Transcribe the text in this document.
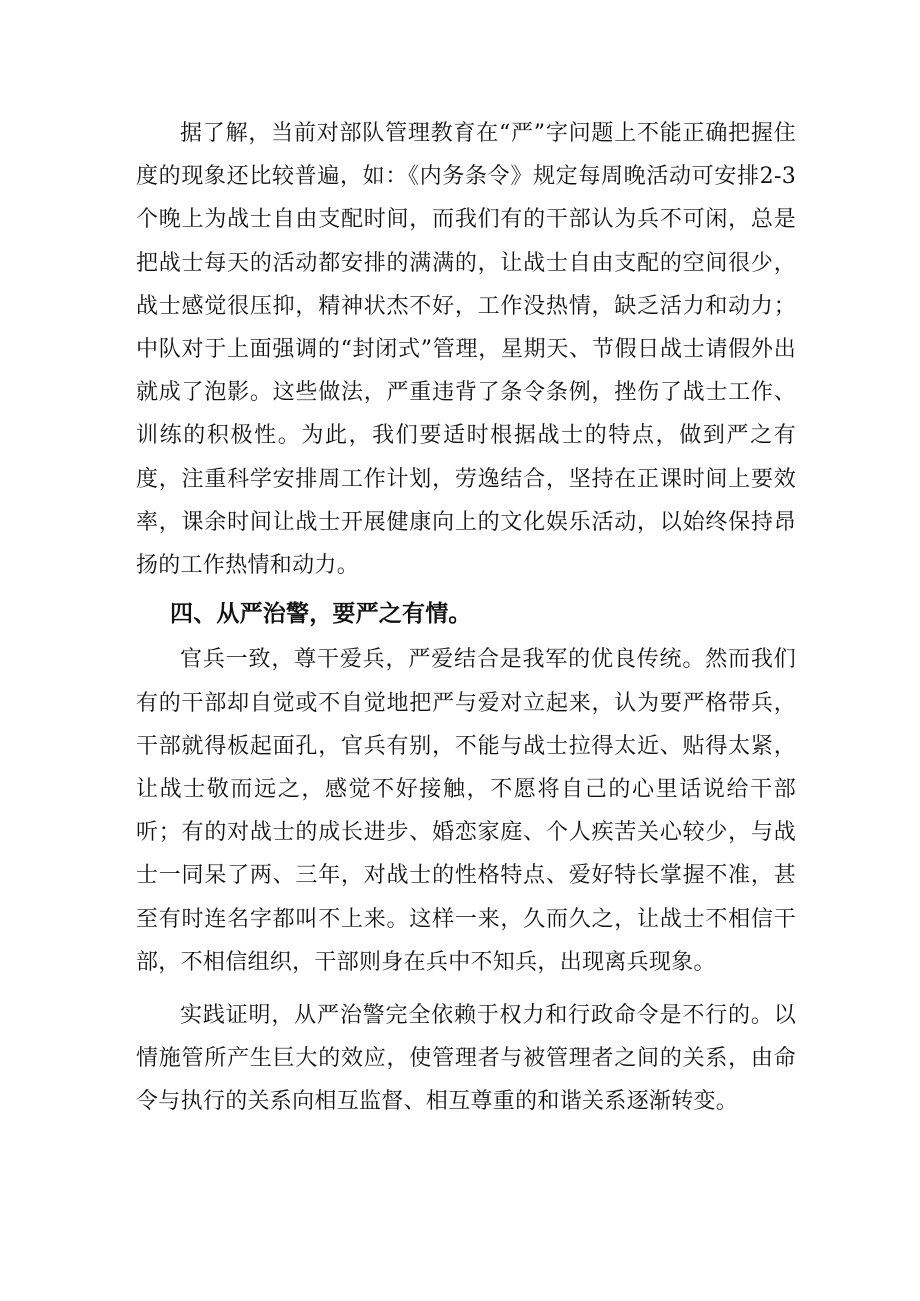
据了解，当前对部队管理教育在“严”字问题上不能正确把握住度的现象还比较普遍，如：《内务条令》规定每周晚活动可安排2-3个晚上为战士自由支配时间，而我们有的干部认为兵不可闲，总是把战士每天的活动都安排的满满的，让战士自由支配的空间很少，战士感觉很压抑，精神状杰不好，工作没热情，缺乏活力和动力；中队对于上面强调的“封闭式”管理，星期天、节假日战士请假外出就成了泡影。这些做法，严重违背了条令条例，挫伤了战士工作、训练的积极性。为此，我们要适时根据战士的特点，做到严之有度，注重科学安排周工作计划，劳逸结合，坚持在正课时间上要效率，课余时间让战士开展健康向上的文化娱乐活动，以始终保持昂扬的工作热情和动力。

四、从严治警，要严之有情。

官兵一致，尊干爱兵，严爱结合是我军的优良传统。然而我们有的干部却自觉或不自觉地把严与爱对立起来，认为要严格带兵，干部就得板起面孔，官兵有别，不能与战士拉得太近、贴得太紧，让战士敬而远之，感觉不好接触，不愿将自己的心里话说给干部听；有的对战士的成长进步、婚恋家庭、个人疾苦关心较少，与战士一同呆了两、三年，对战士的性格特点、爱好特长掌握不准，甚至有时连名字都叫不上来。这样一来，久而久之，让战士不相信干部，不相信组织，干部则身在兵中不知兵，出现离兵现象。

实践证明，从严治警完全依赖于权力和行政命令是不行的。以情施管所产生巨大的效应，使管理者与被管理者之间的关系，由命令与执行的关系向相互监督、相互尊重的和谐关系逐渐转变。
